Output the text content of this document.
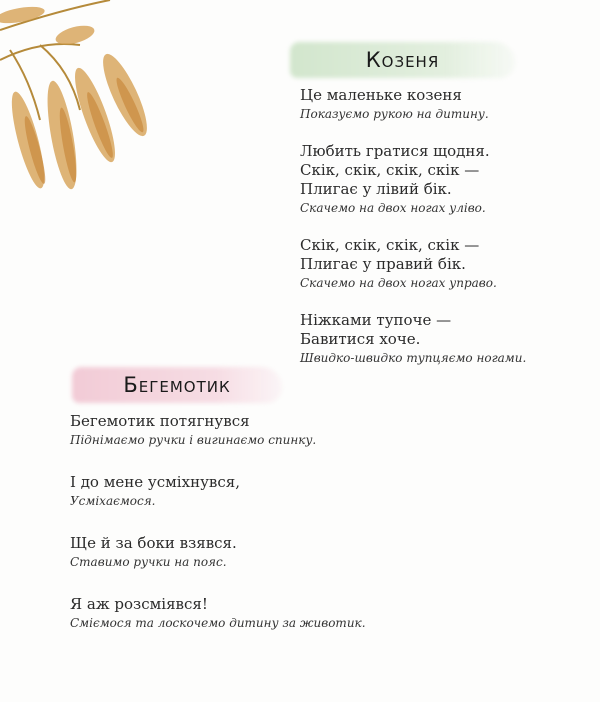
Козеня
Це маленьке козеня
Показуємо рукою на дитину.
Любить гратися щодня.
Скік, скік, скік, скік —
Плигає у лівий бік.
Скачемо на двох ногах уліво.
Скік, скік, скік, скік —
Плигає у правий бік.
Скачемо на двох ногах управо.
Ніжками тупоче —
Бавитися хоче.
Швидко-швидко тупцяємо ногами.
Бегемотик
Бегемотик потягнувся
Піднімаємо ручки і вигинаємо спинку.
І до мене усміхнувся,
Усміхаємося.
Ще й за боки взявся.
Ставимо ручки на пояс.
Я аж розсміявся!
Сміємося та лоскочемо дитину за животик.
